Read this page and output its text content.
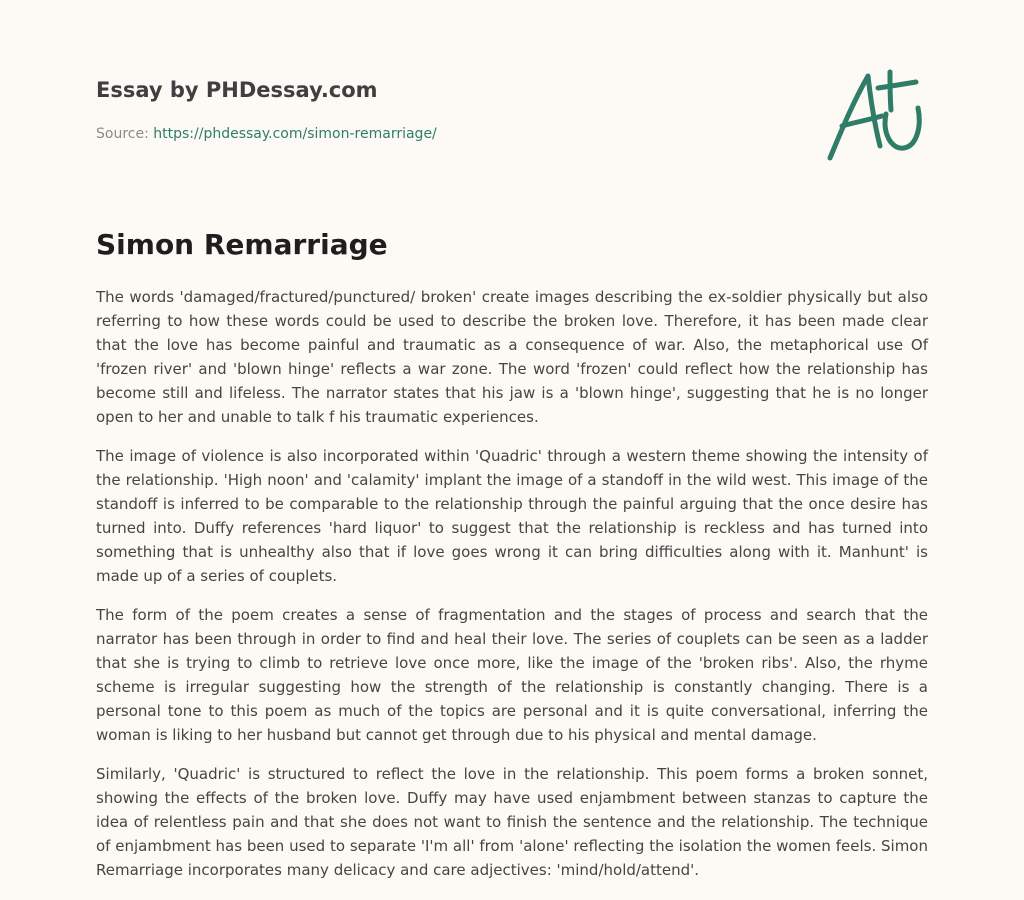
Essay by PHDessay.com
Source: https://phdessay.com/simon-remarriage/
Simon Remarriage

The words 'damaged/fractured/punctured/ broken' create images describing the ex-soldier physically but also referring to how these words could be used to describe the broken love. Therefore, it has been made clear that the love has become painful and traumatic as a consequence of war. Also, the metaphorical use Of 'frozen river' and 'blown hinge' reflects a war zone. The word 'frozen' could reflect how the relationship has become still and lifeless. The narrator states that his jaw is a 'blown hinge', suggesting that he is no longer open to her and unable to talk f his traumatic experiences.

The image of violence is also incorporated within 'Quadric' through a western theme showing the intensity of the relationship. 'High noon' and 'calamity' implant the image of a standoff in the wild west. This image of the standoff is inferred to be comparable to the relationship through the painful arguing that the once desire has turned into. Duffy references 'hard liquor' to suggest that the relationship is reckless and has turned into something that is unhealthy also that if love goes wrong it can bring difficulties along with it. Manhunt' is made up of a series of couplets.

The form of the poem creates a sense of fragmentation and the stages of process and search that the narrator has been through in order to find and heal their love. The series of couplets can be seen as a ladder that she is trying to climb to retrieve love once more, like the image of the 'broken ribs'. Also, the rhyme scheme is irregular suggesting how the strength of the relationship is constantly changing. There is a personal tone to this poem as much of the topics are personal and it is quite conversational, inferring the woman is liking to her husband but cannot get through due to his physical and mental damage.

Similarly, 'Quadric' is structured to reflect the love in the relationship. This poem forms a broken sonnet, showing the effects of the broken love. Duffy may have used enjambment between stanzas to capture the idea of relentless pain and that she does not want to finish the sentence and the relationship. The technique of enjambment has been used to separate 'I'm all' from 'alone' reflecting the isolation the women feels. Simon Remarriage incorporates many delicacy and care adjectives: 'mind/hold/attend'.
